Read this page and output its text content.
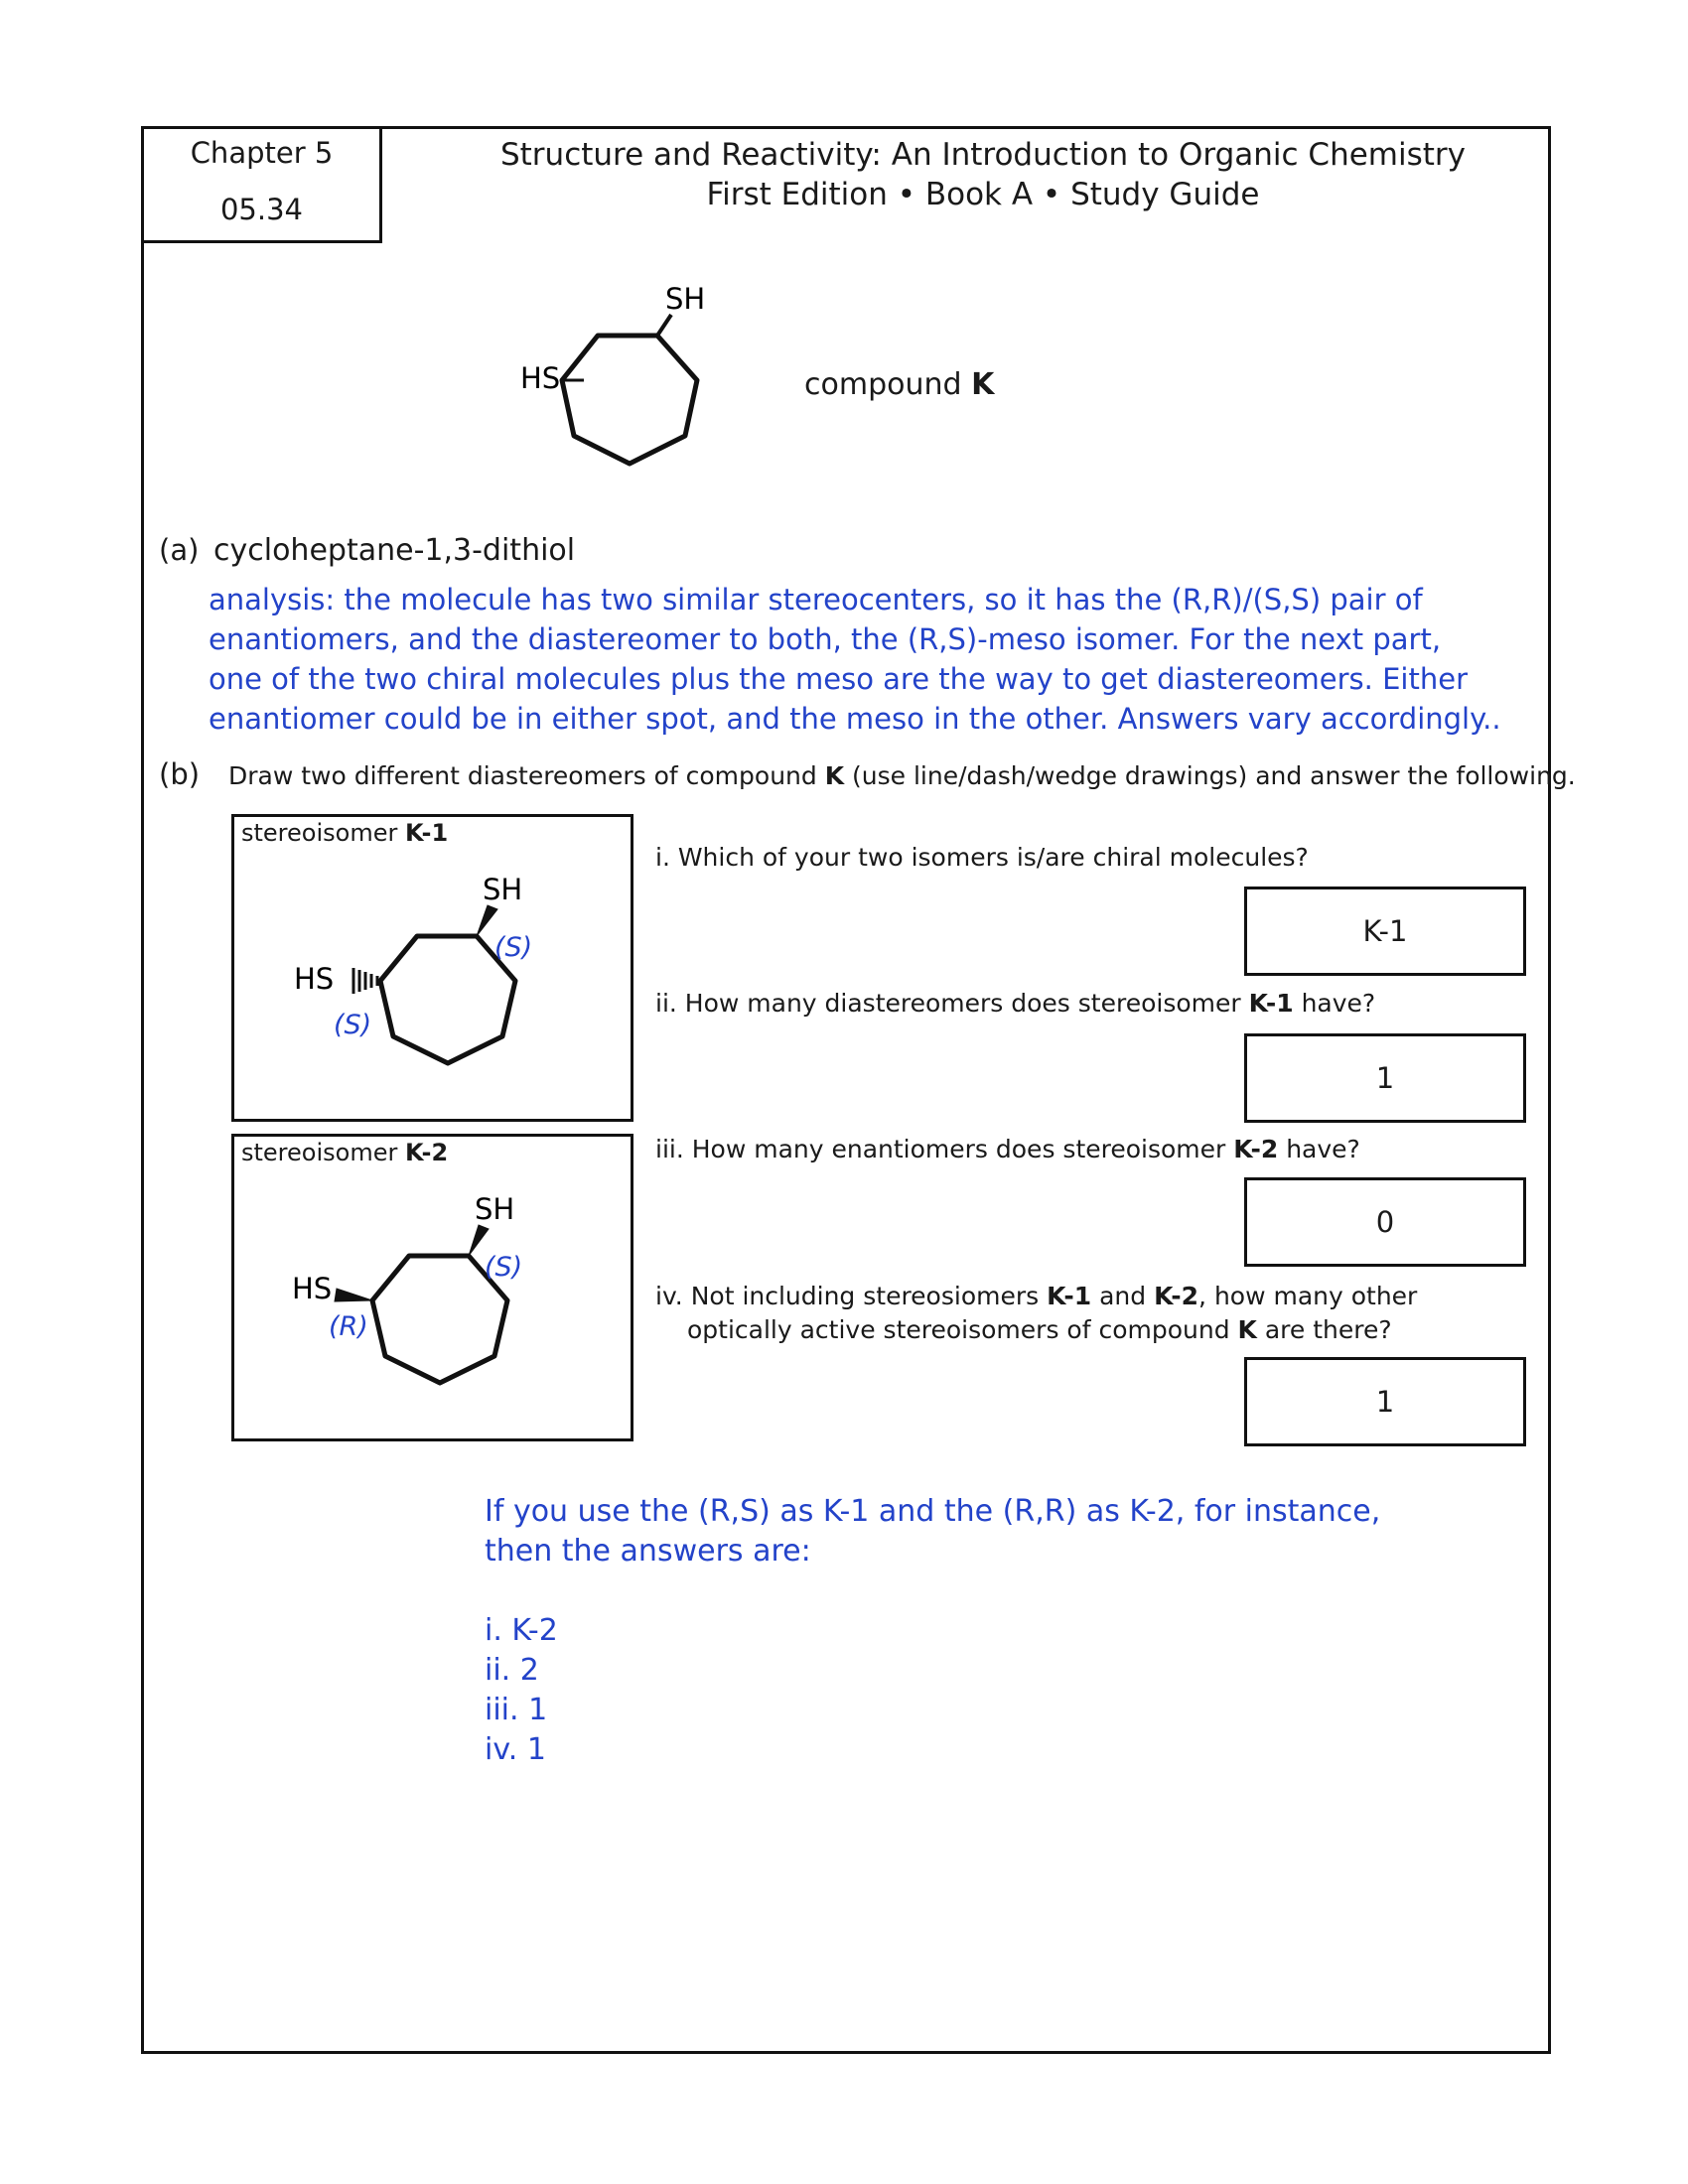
Chapter 5
05.34
Structure and Reactivity: An Introduction to Organic Chemistry
First Edition • Book A • Study Guide
SH
HS	compound K
(a) cycloheptane-1,3-dithiol
analysis: the molecule has two similar stereocenters, so it has the (R,R)/(S,S) pair of
enantiomers, and the diastereomer to both, the (R,S)-meso isomer. For the next part,
one of the two chiral molecules plus the meso are the way to get diastereomers. Either
enantiomer could be in either spot, and the meso in the other. Answers vary accordingly..
(b) Draw two different diastereomers of compound K (use line/dash/wedge drawings) and answer the following.
stereoisomer K-1
SH
HS
(S)
(S)
stereoisomer K-2
SH
HS
(S)
(R)
i. Which of your two isomers is/are chiral molecules?
K-1
ii. How many diastereomers does stereoisomer K-1 have?
1
iii. How many enantiomers does stereoisomer K-2 have?
0
iv. Not including stereosiomers K-1 and K-2, how many other
optically active stereoisomers of compound K are there?
1
If you use the (R,S) as K-1 and the (R,R) as K-2, for instance,
then the answers are:
i. K-2
ii. 2
iii. 1
iv. 1
